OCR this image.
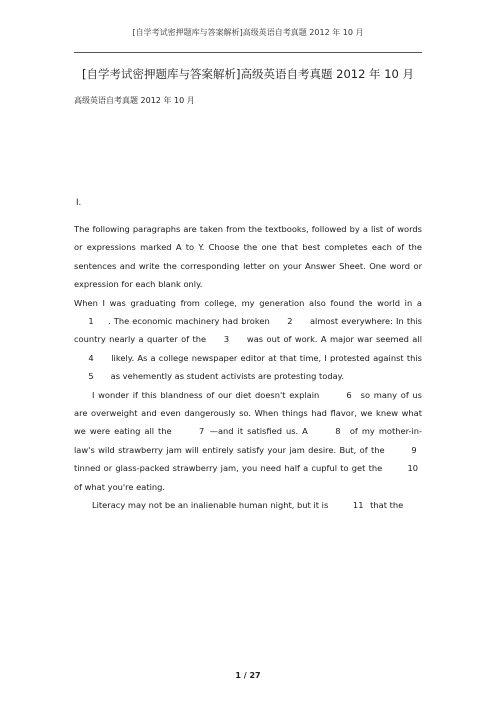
[自学考试密押题库与答案解析]高级英语自考真题 2012 年 10 月
[自学考试密押题库与答案解析]高级英语自考真题 2012 年 10 月
高级英语自考真题 2012 年 10 月
Ⅰ.

The following paragraphs are taken from the textbooks, followed by a list of words or expressions marked A to Y. Choose the one that best completes each of the sentences and write the corresponding letter on your Answer Sheet. One word or expression for each blank only.

When I was graduating from college, my generation also found the world in a 1 . The economic machinery had broken 2 almost everywhere: In this country nearly a quarter of the 3 was out of work. A major war seemed all 4 likely. As a college newspaper editor at that time, I protested against this 5 as vehemently as student activists are protesting today.

I wonder if this blandness of our diet doesn't explain	6 so many of us are overweight and even dangerously so. When things had flavor, we knew what we were eating all the	7 —and it satisfied us. A	8 of my mother-in-law's wild strawberry jam will entirely satisfy your jam desire. But, of the	9 tinned or glass-packed strawberry jam, you need half a cupful to get the	10 of what you're eating.

Literacy may not be an inalienable human night, but it is	11 that the

1 / 27
